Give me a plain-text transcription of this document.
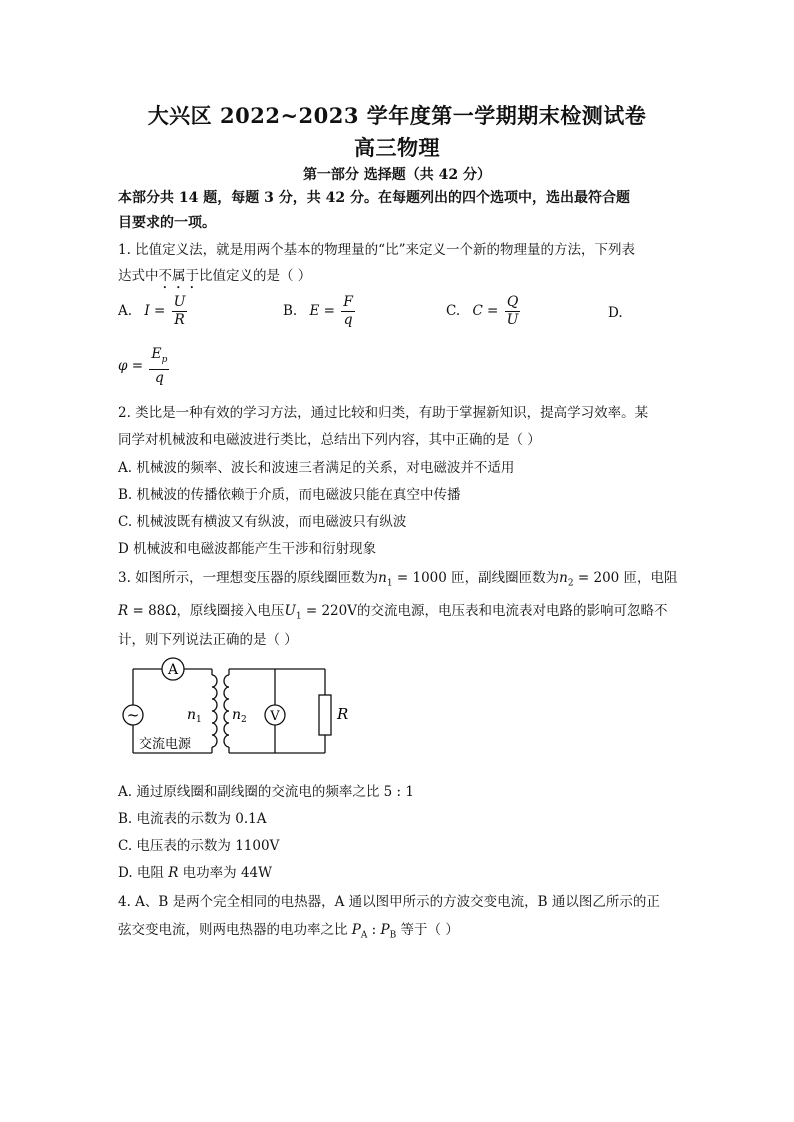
大兴区 2022~2023 学年度第一学期期末检测试卷
高三物理
第一部分 选择题（共 42 分）
本部分共 14 题，每题 3 分，共 42 分。在每题列出的四个选项中，选出最符合题
目要求的一项。
1. 比值定义法，就是用两个基本的物理量的“比”来定义一个新的物理量的方法，下列表
达式中不属于比值定义的是（ ）
A. $I = \frac{U}{R}$	B. $E = \frac{F}{q}$	C. $C = \frac{Q}{U}$	D.
$\varphi = \frac{E_p}{q}$
2. 类比是一种有效的学习方法，通过比较和归类，有助于掌握新知识，提高学习效率。某
同学对机械波和电磁波进行类比，总结出下列内容，其中正确的是（ ）
A. 机械波的频率、波长和波速三者满足的关系，对电磁波并不适用
B. 机械波的传播依赖于介质，而电磁波只能在真空中传播
C. 机械波既有横波又有纵波，而电磁波只有纵波
D 机械波和电磁波都能产生干涉和衍射现象
3. 如图所示，一理想变压器的原线圈匝数为$n_1 = 1000$ 匝，副线圈匝数为$n_2 = 200$ 匝，电阻
R = 88Ω，原线圈接入电压$U_1 = 220V$的交流电源，电压表和电流表对电路的影响可忽略不
计，则下列说法正确的是（ ）
A
~	V	R
n 1 n 2
交流电源
A. 通过原线圈和副线圈的交流电的频率之比 5 : 1
B. 电流表的示数为 0.1A
C. 电压表的示数为 1100V
D. 电阻 R 电功率为 44W
4. A、B 是两个完全相同的电热器，A 通以图甲所示的方波交变电流，B 通以图乙所示的正
弦交变电流，则两电热器的电功率之比 $P_A$ : $P_B$ 等于（ ）
